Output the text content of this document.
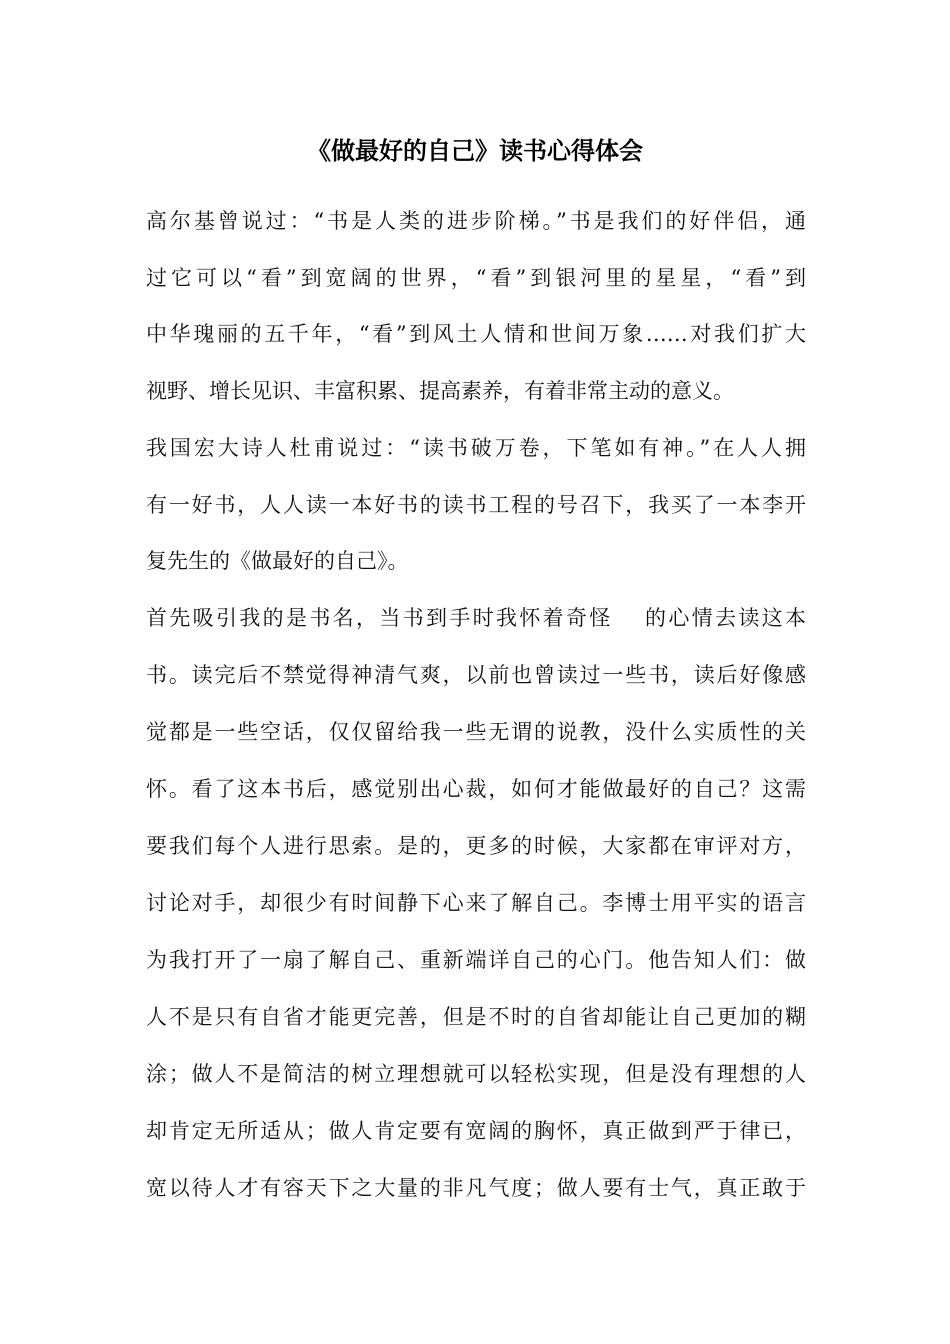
《做最好的自己》读书心得体会

高尔基曾说过：“书是人类的进步阶梯。”书是我们的好伴侣，通

过它可以“看”到宽阔的世界，“看”到银河里的星星，“看”到

中华瑰丽的五千年，“看”到风土人情和世间万象……对我们扩大

视野、增长见识、丰富积累、提高素养，有着非常主动的意义。

我国宏大诗人杜甫说过：“读书破万卷，下笔如有神。”在人人拥

有一好书，人人读一本好书的读书工程的号召下，我买了一本李开

复先生的《做最好的自己》。

首先吸引我的是书名，当书到手时我怀着奇怪　 的心情去读这本

书。读完后不禁觉得神清气爽，以前也曾读过一些书，读后好像感

觉都是一些空话，仅仅留给我一些无谓的说教，没什么实质性的关

怀。看了这本书后，感觉别出心裁，如何才能做最好的自己？这需

要我们每个人进行思索。是的，更多的时候，大家都在审评对方，

讨论对手，却很少有时间静下心来了解自己。李博士用平实的语言

为我打开了一扇了解自己、重新端详自己的心门。他告知人们：做

人不是只有自省才能更完善，但是不时的自省却能让自己更加的糊

涂；做人不是简洁的树立理想就可以轻松实现，但是没有理想的人

却肯定无所适从；做人肯定要有宽阔的胸怀，真正做到严于律已，

宽以待人才有容天下之大量的非凡气度；做人要有士气，真正敢于
